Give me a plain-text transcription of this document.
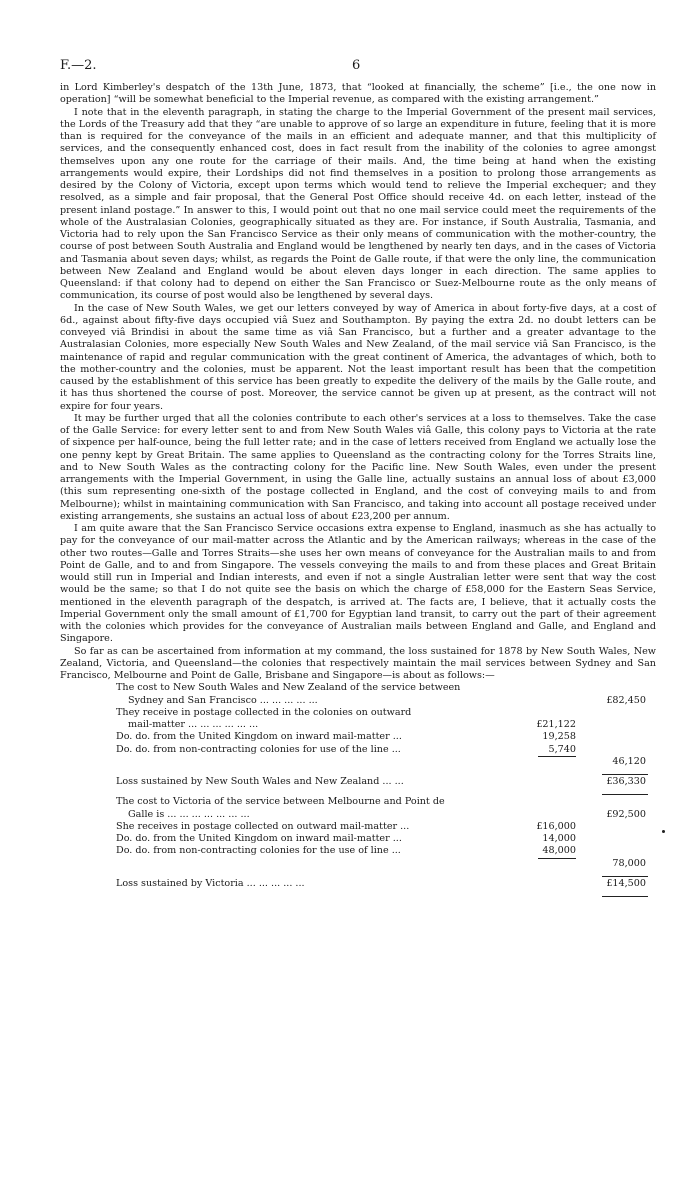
F.—2.	6

in Lord Kimberley's despatch of the 13th June, 1873, that “looked at financially, the scheme” [i.e., the one now in operation] “will be somewhat beneficial to the Imperial revenue, as compared with the existing arrangement.”

I note that in the eleventh paragraph, in stating the charge to the Imperial Government of the present mail services, the Lords of the Treasury add that they “are unable to approve of so large an expenditure in future, feeling that it is more than is required for the conveyance of the mails in an efficient and adequate manner, and that this multiplicity of services, and the consequently enhanced cost, does in fact result from the inability of the colonies to agree amongst themselves upon any one route for the carriage of their mails. And, the time being at hand when the existing arrangements would expire, their Lordships did not find themselves in a position to prolong those arrangements as desired by the Colony of Victoria, except upon terms which would tend to relieve the Imperial exchequer; and they resolved, as a simple and fair proposal, that the General Post Office should receive 4d. on each letter, instead of the present inland postage.” In answer to this, I would point out that no one mail service could meet the requirements of the whole of the Australasian Colonies, geographically situated as they are. For instance, if South Australia, Tasmania, and Victoria had to rely upon the San Francisco Service as their only means of communication with the mother-country, the course of post between South Australia and England would be lengthened by nearly ten days, and in the cases of Victoria and Tasmania about seven days; whilst, as regards the Point de Galle route, if that were the only line, the communication between New Zealand and England would be about eleven days longer in each direction. The same applies to Queensland: if that colony had to depend on either the San Francisco or Suez-Melbourne route as the only means of communication, its course of post would also be lengthened by several days.

In the case of New South Wales, we get our letters conveyed by way of America in about forty-five days, at a cost of 6d., against about fifty-five days occupied viâ Suez and Southampton. By paying the extra 2d. no doubt letters can be conveyed viâ Brindisi in about the same time as viâ San Francisco, but a further and a greater advantage to the Australasian Colonies, more especially New South Wales and New Zealand, of the mail service viâ San Francisco, is the maintenance of rapid and regular communication with the great continent of America, the advantages of which, both to the mother-country and the colonies, must be apparent. Not the least important result has been that the competition caused by the establishment of this service has been greatly to expedite the delivery of the mails by the Galle route, and it has thus shortened the course of post. Moreover, the service cannot be given up at present, as the contract will not expire for four years.

It may be further urged that all the colonies contribute to each other's services at a loss to themselves. Take the case of the Galle Service: for every letter sent to and from New South Wales viâ Galle, this colony pays to Victoria at the rate of sixpence per half-ounce, being the full letter rate; and in the case of letters received from England we actually lose the one penny kept by Great Britain. The same applies to Queensland as the contracting colony for the Torres Straits line, and to New South Wales as the contracting colony for the Pacific line. New South Wales, even under the present arrangements with the Imperial Government, in using the Galle line, actually sustains an annual loss of about £3,000 (this sum representing one-sixth of the postage collected in England, and the cost of conveying mails to and from Melbourne); whilst in maintaining communication with San Francisco, and taking into account all postage received under existing arrangements, she sustains an actual loss of about £23,200 per annum.

I am quite aware that the San Francisco Service occasions extra expense to England, inasmuch as she has actually to pay for the conveyance of our mail-matter across the Atlantic and by the American railways; whereas in the case of the other two routes—Galle and Torres Straits—she uses her own means of conveyance for the Australian mails to and from Point de Galle, and to and from Singapore. The vessels conveying the mails to and from these places and Great Britain would still run in Imperial and Indian interests, and even if not a single Australian letter were sent that way the cost would be the same; so that I do not quite see the basis on which the charge of £58,000 for the Eastern Seas Service, mentioned in the eleventh paragraph of the despatch, is arrived at. The facts are, I believe, that it actually costs the Imperial Government only the small amount of £1,700 for Egyptian land transit, to carry out the part of their agreement with the colonies which provides for the conveyance of Australian mails between England and Galle, and England and Singapore.

So far as can be ascertained from information at my command, the loss sustained for 1878 by New South Wales, New Zealand, Victoria, and Queensland—the colonies that respectively maintain the mail services between Sydney and San Francisco, Melbourne and Point de Galle, Brisbane and Singapore—is about as follows:—

The cost to New South Wales and New Zealand of the service between
Sydney and San Francisco ... ... ... ... ...	£82,450
They receive in postage collected in the colonies on outward
mail-matter ... ... ... ... ... ...	£21,122
Do. do. from the United Kingdom on inward mail-matter ...	19,258
Do. do. from non-contracting colonies for use of the line ...	5,740
46,120
Loss sustained by New South Wales and New Zealand ... ...	£36,330
The cost to Victoria of the service between Melbourne and Point de
Galle is ... ... ... ... ... ... ...	£92,500
She receives in postage collected on outward mail-matter ...	£16,000
Do. do. from the United Kingdom on inward mail-matter ...	14,000
Do. do. from non-contracting colonies for the use of line ...	48,000
78,000
Loss sustained by Victoria ... ... ... ... ...	£14,500
